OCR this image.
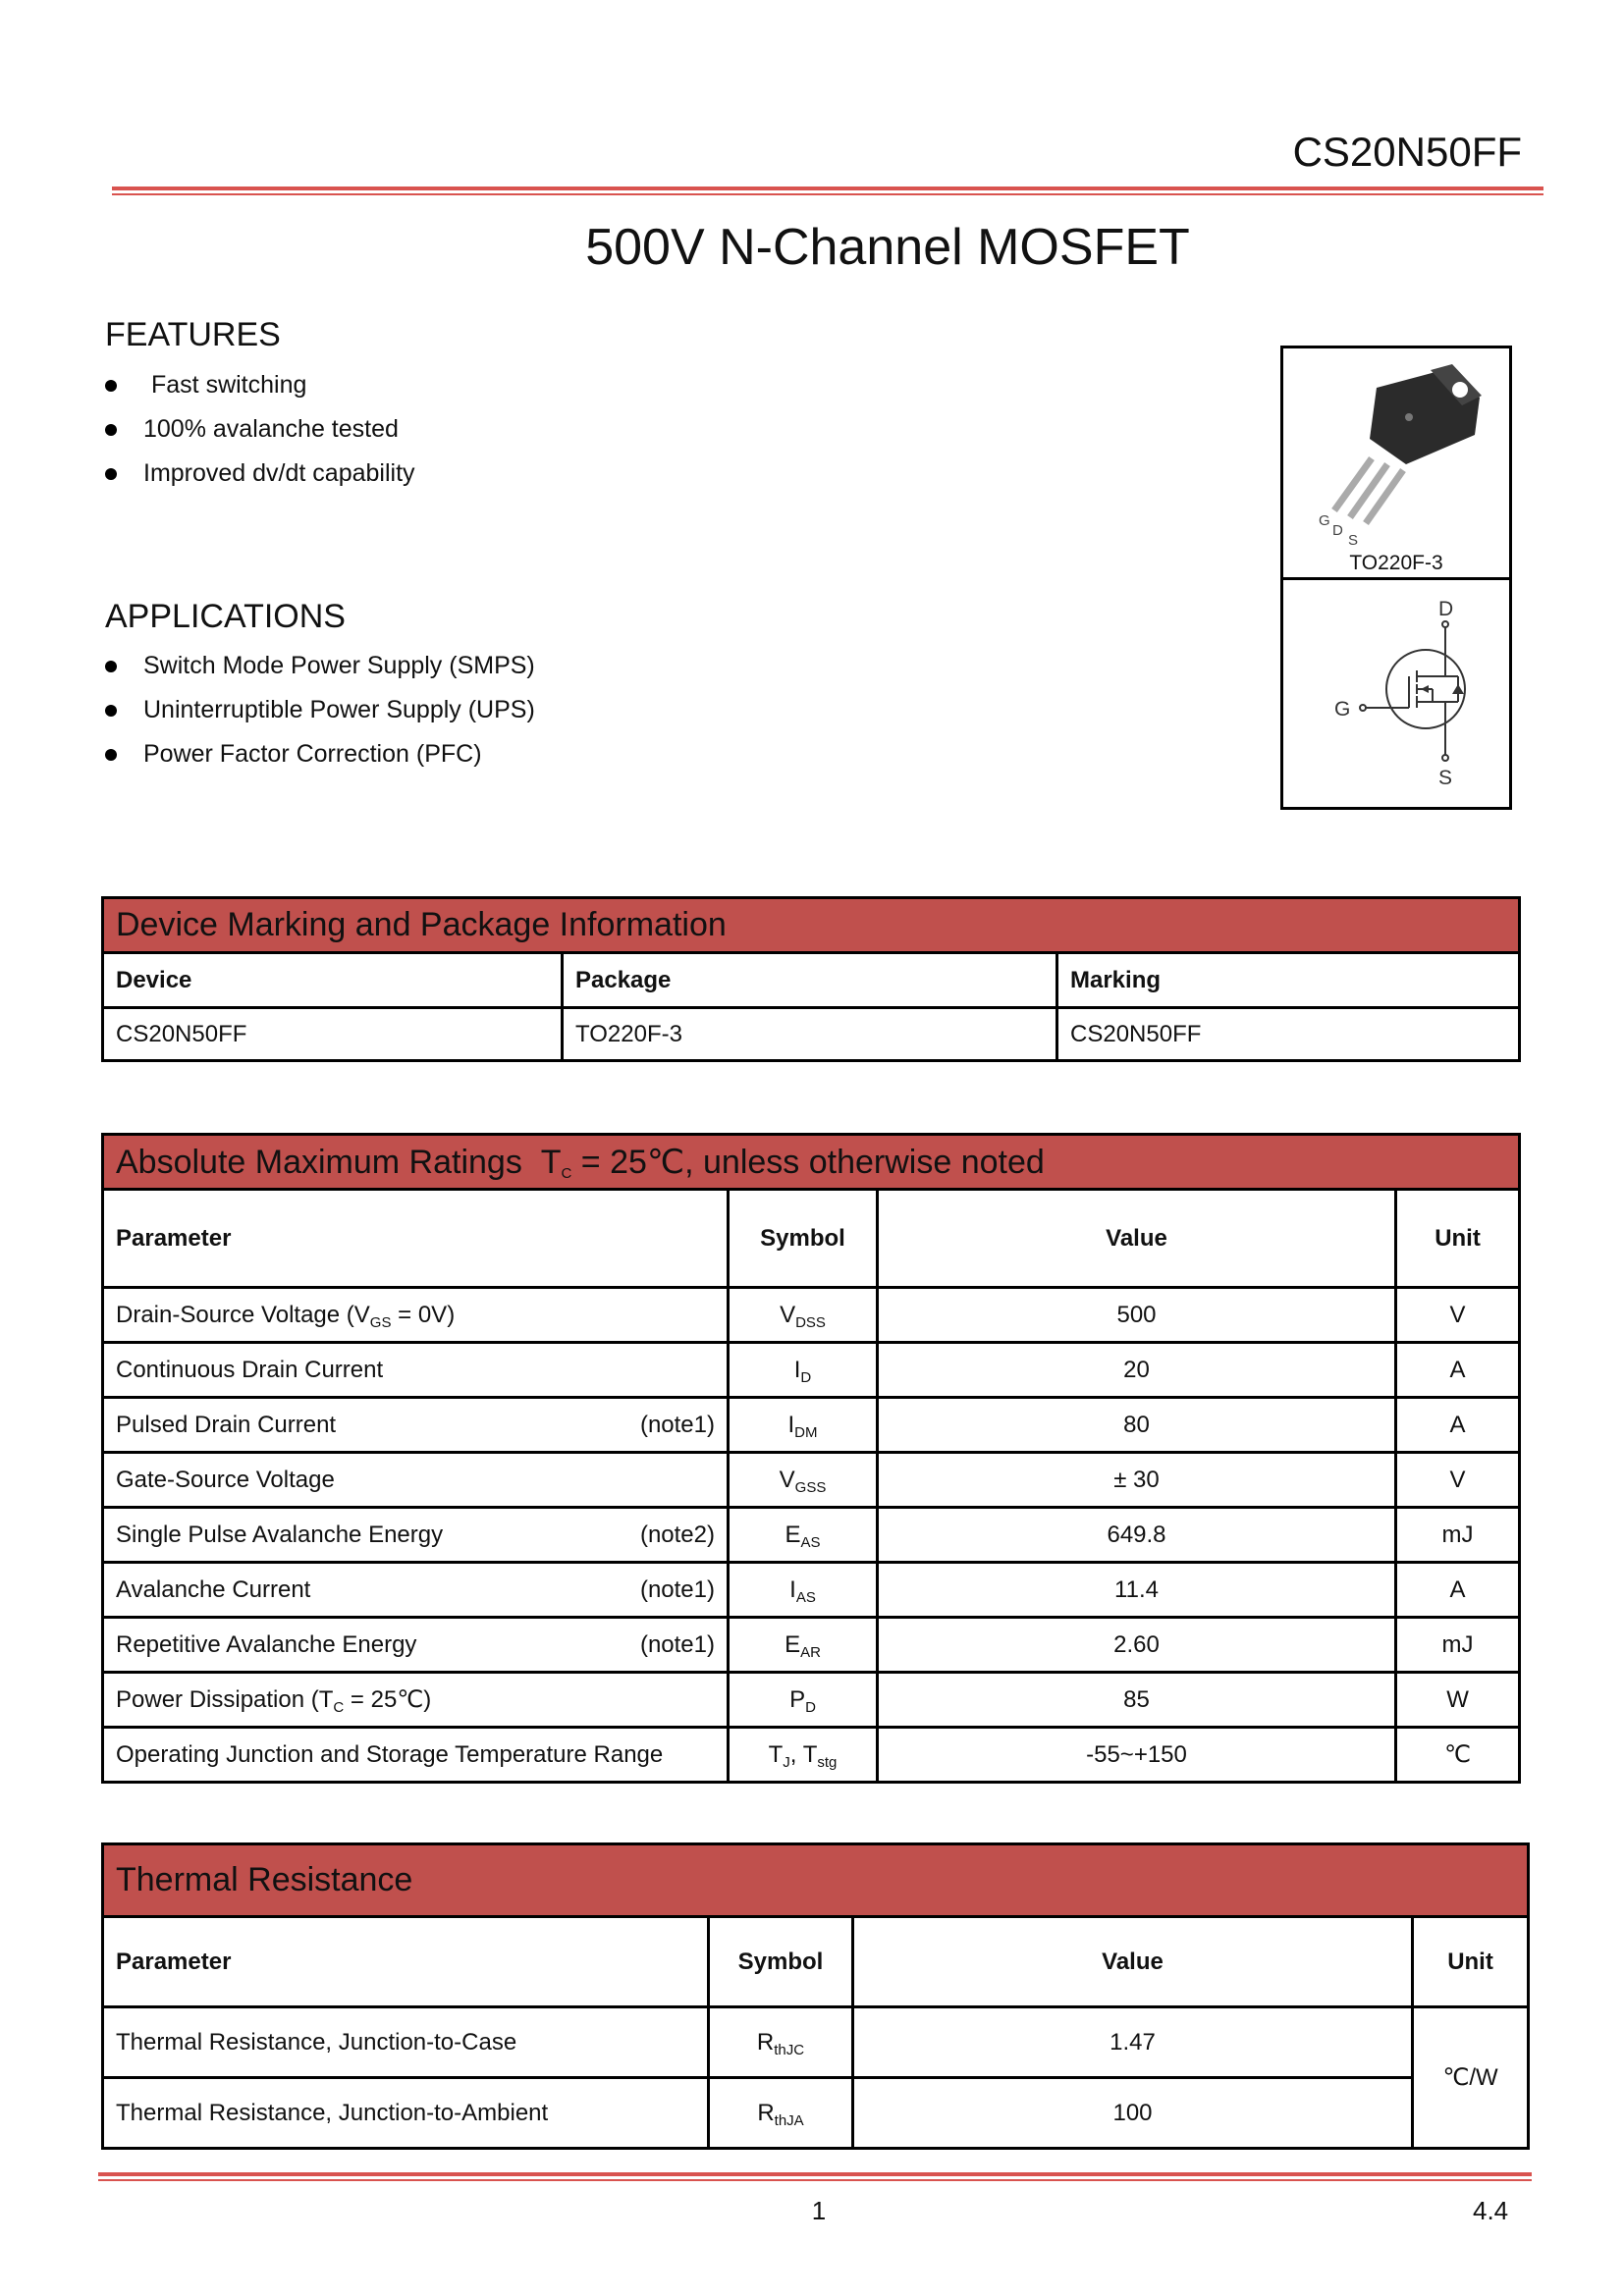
CS20N50FF
500V N-Channel MOSFET
FEATURES
Fast switching
100% avalanche tested
Improved dv/dt capability
APPLICATIONS
Switch Mode Power Supply (SMPS)
Uninterruptible Power Supply (UPS)
Power Factor Correction (PFC)
G
D
S
TO220F-3
D
G
S
Device Marking and Package Information		
Device	Package	Marking
CS20N50FF	TO220F-3	CS20N50FF
Absolute Maximum Ratings $T_C$ = 25℃, unless otherwise noted			
Parameter	Symbol	Value	Unit
Drain-Source Voltage $(V_{GS} = 0V)$	$V_{DSS}$	500	V
Continuous Drain Current	$I_D$	20	A
Pulsed Drain Current (note1)	$I_{DM}$	80	A
Gate-Source Voltage	$V_{GSS}$	± 30	V
Single Pulse Avalanche Energy (note2)	$E_{AS}$	649.8	mJ
Avalanche Current (note1)	$I_{AS}$	11.4	A
Repetitive Avalanche Energy (note1)	$E_{AR}$	2.60	mJ
Power Dissipation ($T_C$ = 25℃)	$P_D$	85	W
Operating Junction and Storage Temperature Range	$T_J$, $T_{stg}$	-55~+150	℃
Thermal Resistance			
Parameter	Symbol	Value	Unit
Thermal Resistance, Junction-to-Case	$R_{thJC}$	1.47	℃/W
Thermal Resistance, Junction-to-Ambient	$R_{thJA}$	100	
1	4.4
